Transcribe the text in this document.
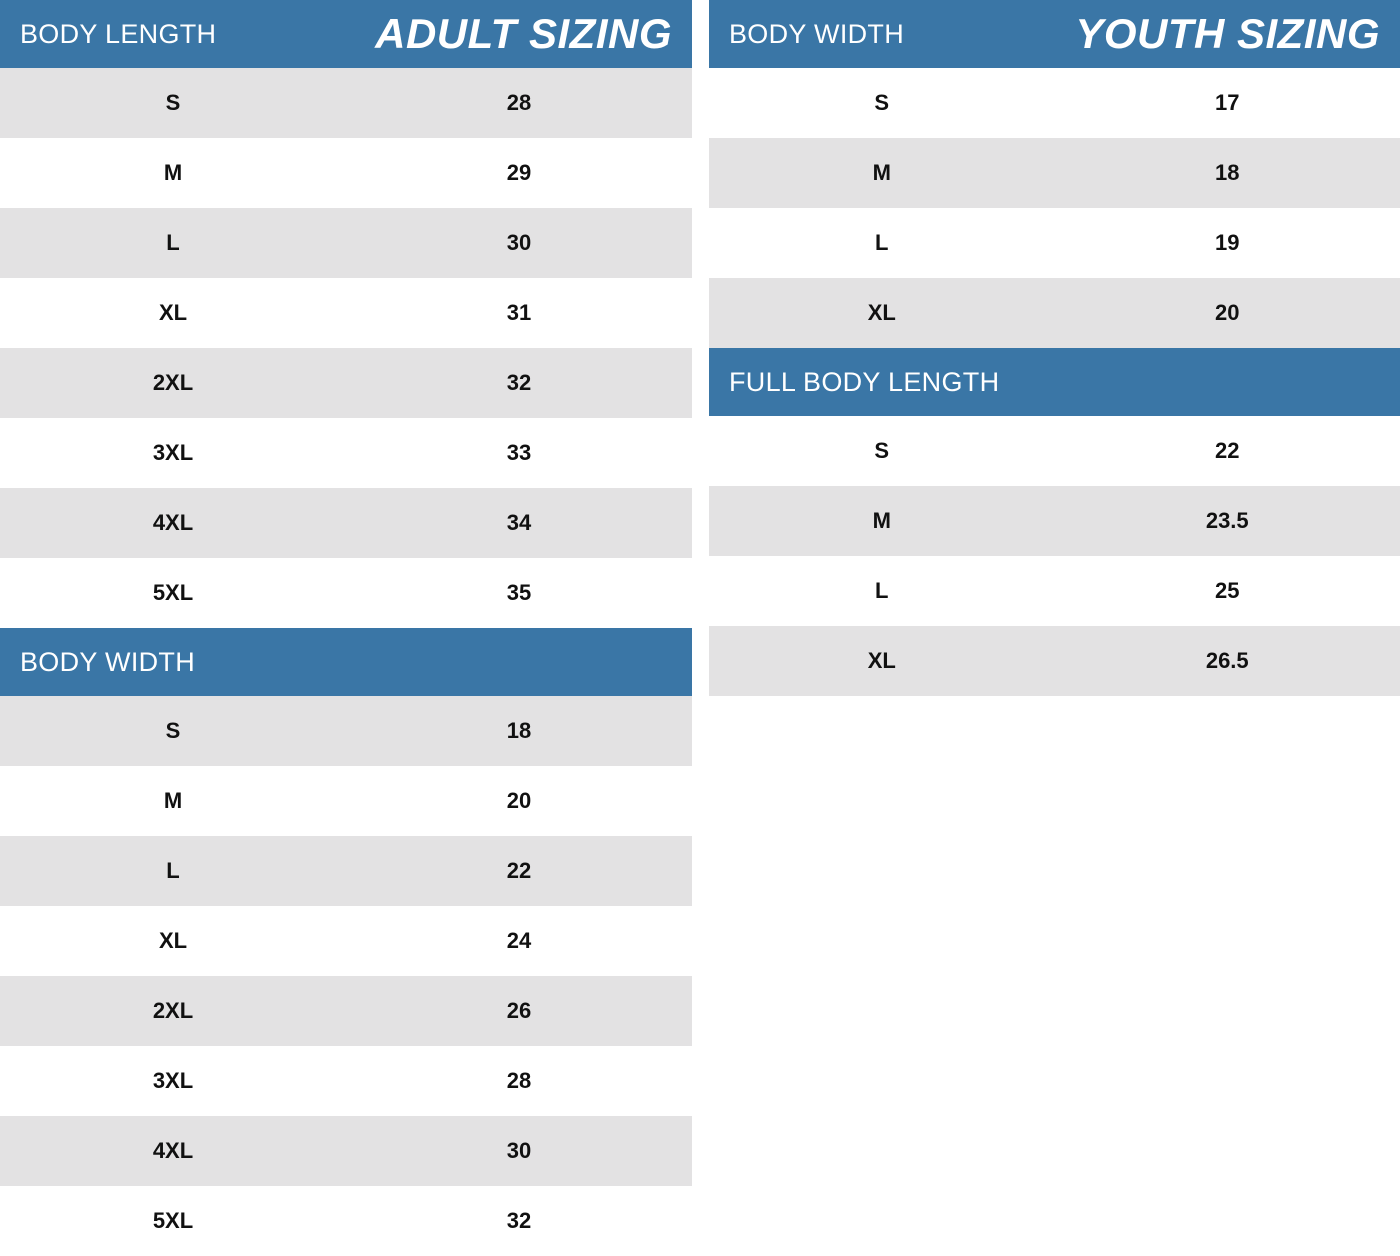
BODY LENGTH	ADULT SIZING
S	28
M	29
L	30
XL	31
2XL	32
3XL	33
4XL	34
5XL	35
BODY WIDTH
S	18
M	20
L	22
XL	24
2XL	26
3XL	28
4XL	30
5XL	32
BODY WIDTH	YOUTH SIZING
S	17
M	18
L	19
XL	20
FULL BODY LENGTH
S	22
M	23.5
L	25
XL	26.5
